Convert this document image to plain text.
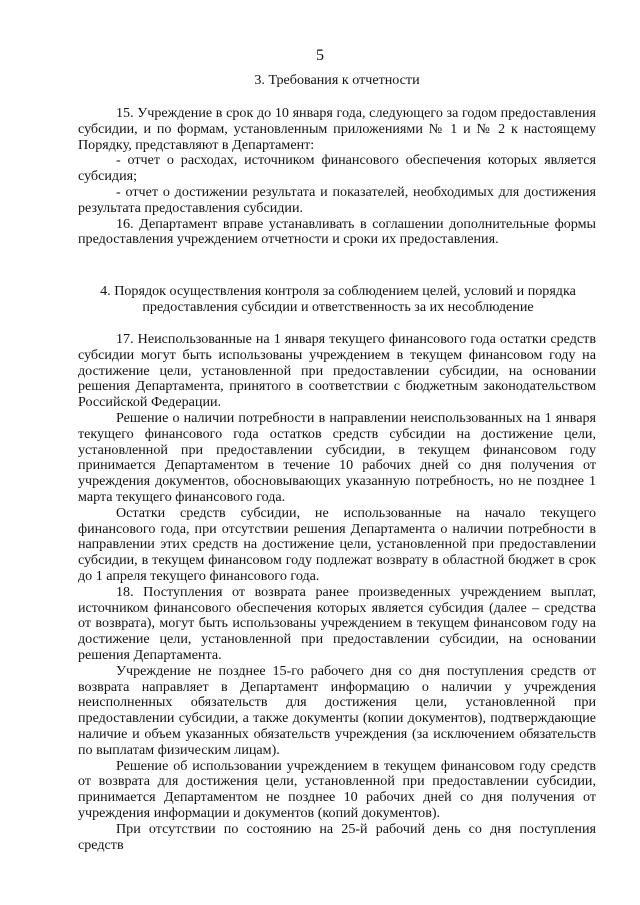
5
3. Требования к отчетности

15. Учреждение в срок до 10 января года, следующего за годом предоставления субсидии, и по формам, установленным приложениями № 1 и № 2 к настоящему Порядку, представляют в Департамент:

- отчет о расходах, источником финансового обеспечения которых является субсидия;

- отчет о достижении результата и показателей, необходимых для достижения результата предоставления субсидии.

16. Департамент вправе устанавливать в соглашении дополнительные формы предоставления учреждением отчетности и сроки их предоставления.

4. Порядок осуществления контроля за соблюдением целей, условий и порядка предоставления субсидии и ответственность за их несоблюдение

17. Неиспользованные на 1 января текущего финансового года остатки средств субсидии могут быть использованы учреждением в текущем финансовом году на достижение цели, установленной при предоставлении субсидии, на основании решения Департамента, принятого в соответствии с бюджетным законодательством Российской Федерации.

Решение о наличии потребности в направлении неиспользованных на 1 января текущего финансового года остатков средств субсидии на достижение цели, установленной при предоставлении субсидии, в текущем финансовом году принимается Департаментом в течение 10 рабочих дней со дня получения от учреждения документов, обосновывающих указанную потребность, но не позднее 1 марта текущего финансового года.

Остатки средств субсидии, не использованные на начало текущего финансового года, при отсутствии решения Департамента о наличии потребности в направлении этих средств на достижение цели, установленной при предоставлении субсидии, в текущем финансовом году подлежат возврату в областной бюджет в срок до 1 апреля текущего финансового года.

18. Поступления от возврата ранее произведенных учреждением выплат, источником финансового обеспечения которых является субсидия (далее – средства от возврата), могут быть использованы учреждением в текущем финансовом году на достижение цели, установленной при предоставлении субсидии, на основании решения Департамента.

Учреждение не позднее 15-го рабочего дня со дня поступления средств от возврата направляет в Департамент информацию о наличии у учреждения неисполненных обязательств для достижения цели, установленной при предоставлении субсидии, а также документы (копии документов), подтверждающие наличие и объем указанных обязательств учреждения (за исключением обязательств по выплатам физическим лицам).

Решение об использовании учреждением в текущем финансовом году средств от возврата для достижения цели, установленной при предоставлении субсидии, принимается Департаментом не позднее 10 рабочих дней со дня получения от учреждения информации и документов (копий документов).

При отсутствии по состоянию на 25-й рабочий день со дня поступления средств
